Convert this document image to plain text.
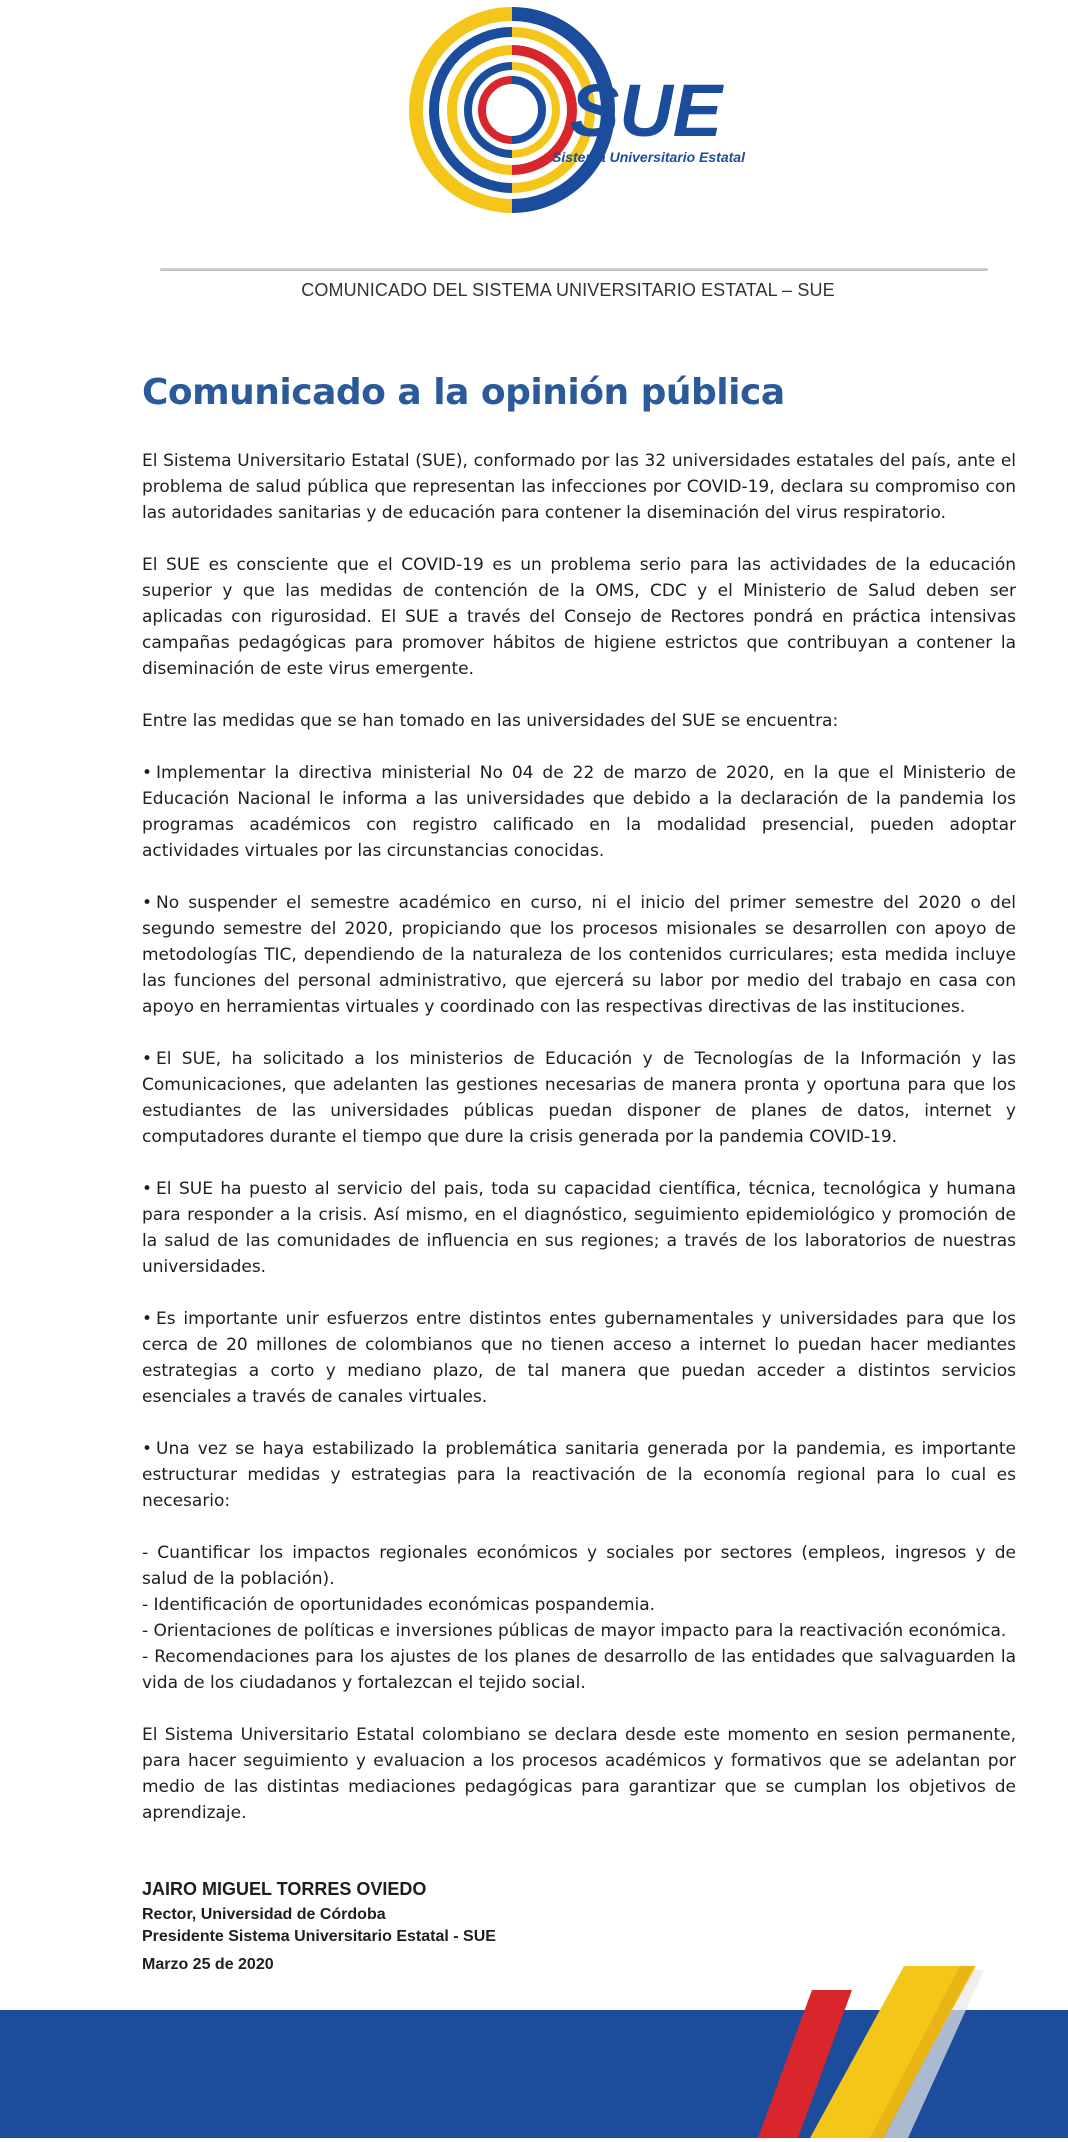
SUE
Sistema Universitario Estatal
COMUNICADO DEL SISTEMA UNIVERSITARIO ESTATAL – SUE
Comunicado a la opinión pública

El Sistema Universitario Estatal (SUE), conformado por las 32 universidades estatales del país, ante el problema de salud pública que representan las infecciones por COVID-19, declara su compromiso con las autoridades sanitarias y de educación para contener la diseminación del virus respiratorio.

El SUE es consciente que el COVID-19 es un problema serio para las actividades de la educación superior y que las medidas de contención de la OMS, CDC y el Ministerio de Salud deben ser aplicadas con rigurosidad. El SUE a través del Consejo de Rectores pondrá en práctica intensivas campañas pedagógicas para promover hábitos de higiene estrictos que contribuyan a contener la diseminación de este virus emergente.

Entre las medidas que se han tomado en las universidades del SUE se encuentra:

• Implementar la directiva ministerial No 04 de 22 de marzo de 2020, en la que el Ministerio de Educación Nacional le informa a las universidades que debido a la declaración de la pandemia los programas académicos con registro calificado en la modalidad presencial, pueden adoptar actividades virtuales por las circunstancias conocidas.

• No suspender el semestre académico en curso, ni el inicio del primer semestre del 2020 o del segundo semestre del 2020, propiciando que los procesos misionales se desarrollen con apoyo de metodologías TIC, dependiendo de la naturaleza de los contenidos curriculares; esta medida incluye las funciones del personal administrativo, que ejercerá su labor por medio del trabajo en casa con apoyo en herramientas virtuales y coordinado con las respectivas directivas de las instituciones.

• El SUE, ha solicitado a los ministerios de Educación y de Tecnologías de la Información y las Comunicaciones, que adelanten las gestiones necesarias de manera pronta y oportuna para que los estudiantes de las universidades públicas puedan disponer de planes de datos, internet y computadores durante el tiempo que dure la crisis generada por la pandemia COVID-19.

• El SUE ha puesto al servicio del pais, toda su capacidad científica, técnica, tecnológica y humana para responder a la crisis. Así mismo, en el diagnóstico, seguimiento epidemiológico y promoción de la salud de las comunidades de influencia en sus regiones; a través de los laboratorios de nuestras universidades.

• Es importante unir esfuerzos entre distintos entes gubernamentales y universidades para que los cerca de 20 millones de colombianos que no tienen acceso a internet lo puedan hacer mediantes estrategias a corto y mediano plazo, de tal manera que puedan acceder a distintos servicios esenciales a través de canales virtuales.

• Una vez se haya estabilizado la problemática sanitaria generada por la pandemia, es importante estructurar medidas y estrategias para la reactivación de la economía regional para lo cual es necesario:

- Cuantificar los impactos regionales económicos y sociales por sectores (empleos, ingresos y de salud de la población).

- Identificación de oportunidades económicas pospandemia.

- Orientaciones de políticas e inversiones públicas de mayor impacto para la reactivación económica.

- Recomendaciones para los ajustes de los planes de desarrollo de las entidades que salvaguarden la vida de los ciudadanos y fortalezcan el tejido social.

El Sistema Universitario Estatal colombiano se declara desde este momento en sesion permanente, para hacer seguimiento y evaluacion a los procesos académicos y formativos que se adelantan por medio de las distintas mediaciones pedagógicas para garantizar que se cumplan los objetivos de aprendizaje.

JAIRO MIGUEL TORRES OVIEDO
Rector, Universidad de Córdoba
Presidente Sistema Universitario Estatal - SUE
Marzo 25 de 2020
